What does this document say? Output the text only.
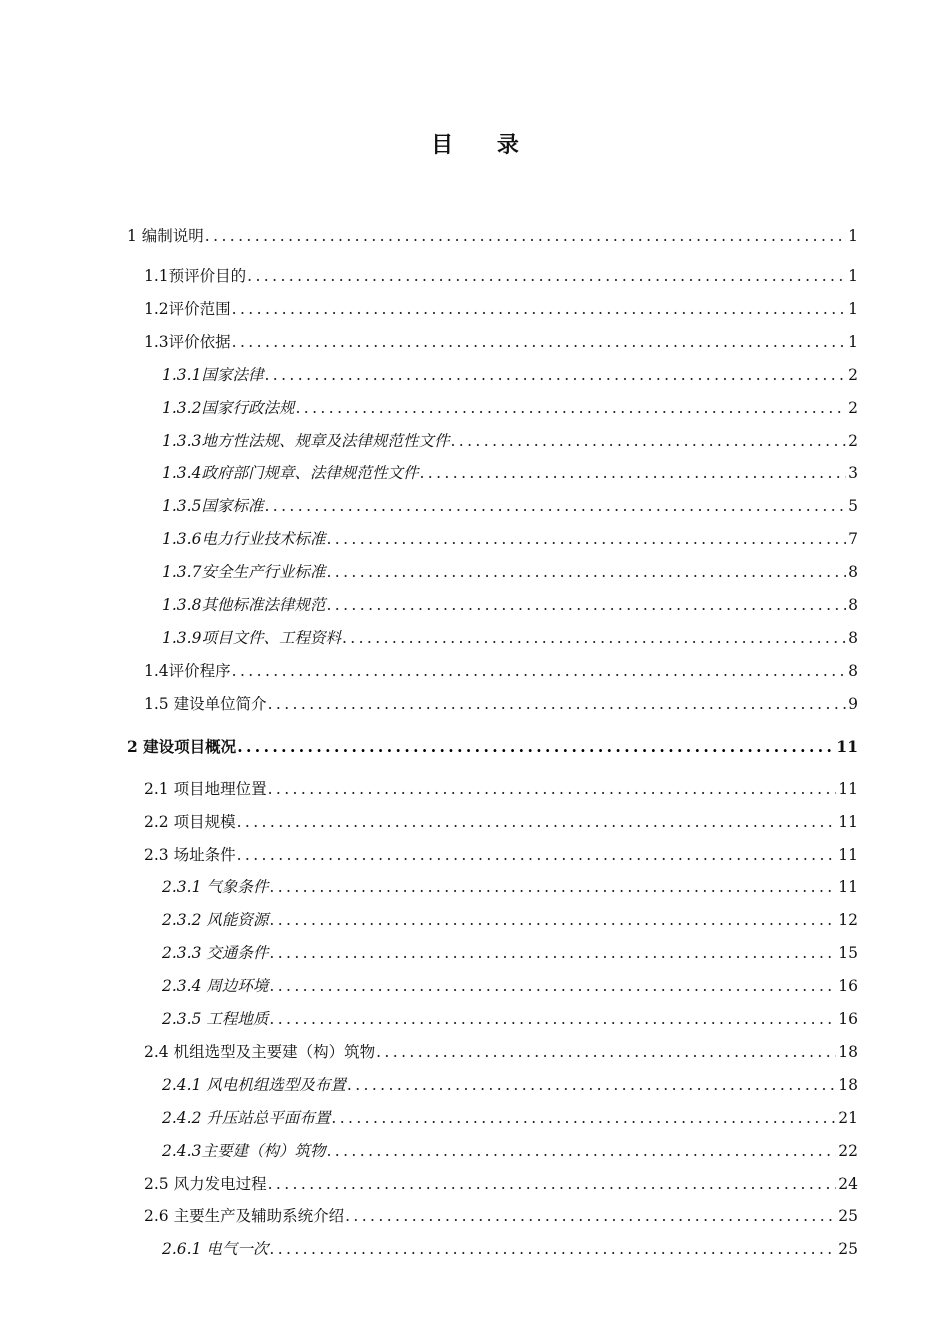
目 录
1 编制说明 .....	1
1.1预评价目的 .....	1
1.2评价范围 .....	1
1.3评价依据 .....	1
1.3.1国家法律 .....	2
1.3.2国家行政法规 .....	2
1.3.3地方性法规、规章及法律规范性文件 .....	2
1.3.4政府部门规章、法律规范性文件 .....	3
1.3.5国家标准 .....	5
1.3.6电力行业技术标准 .....	7
1.3.7安全生产行业标准 .....	8
1.3.8其他标准法律规范 .....	8
1.3.9项目文件、工程资料 .....	8
1.4评价程序 .....	8
1.5 建设单位简介 .....	9
2 建设项目概况 .....	11
2.1 项目地理位置 .....	11
2.2 项目规模 .....	11
2.3 场址条件 .....	11
2.3.1 气象条件 .....	11
2.3.2 风能资源 .....	12
2.3.3 交通条件 .....	15
2.3.4 周边环境 .....	16
2.3.5 工程地质 .....	16
2.4 机组选型及主要建（构）筑物 .....	18
2.4.1 风电机组选型及布置 .....	18
2.4.2 升压站总平面布置 .....	21
2.4.3主要建（构）筑物 .....	22
2.5 风力发电过程 .....	24
2.6 主要生产及辅助系统介绍 .....	25
2.6.1 电气一次 .....	25
